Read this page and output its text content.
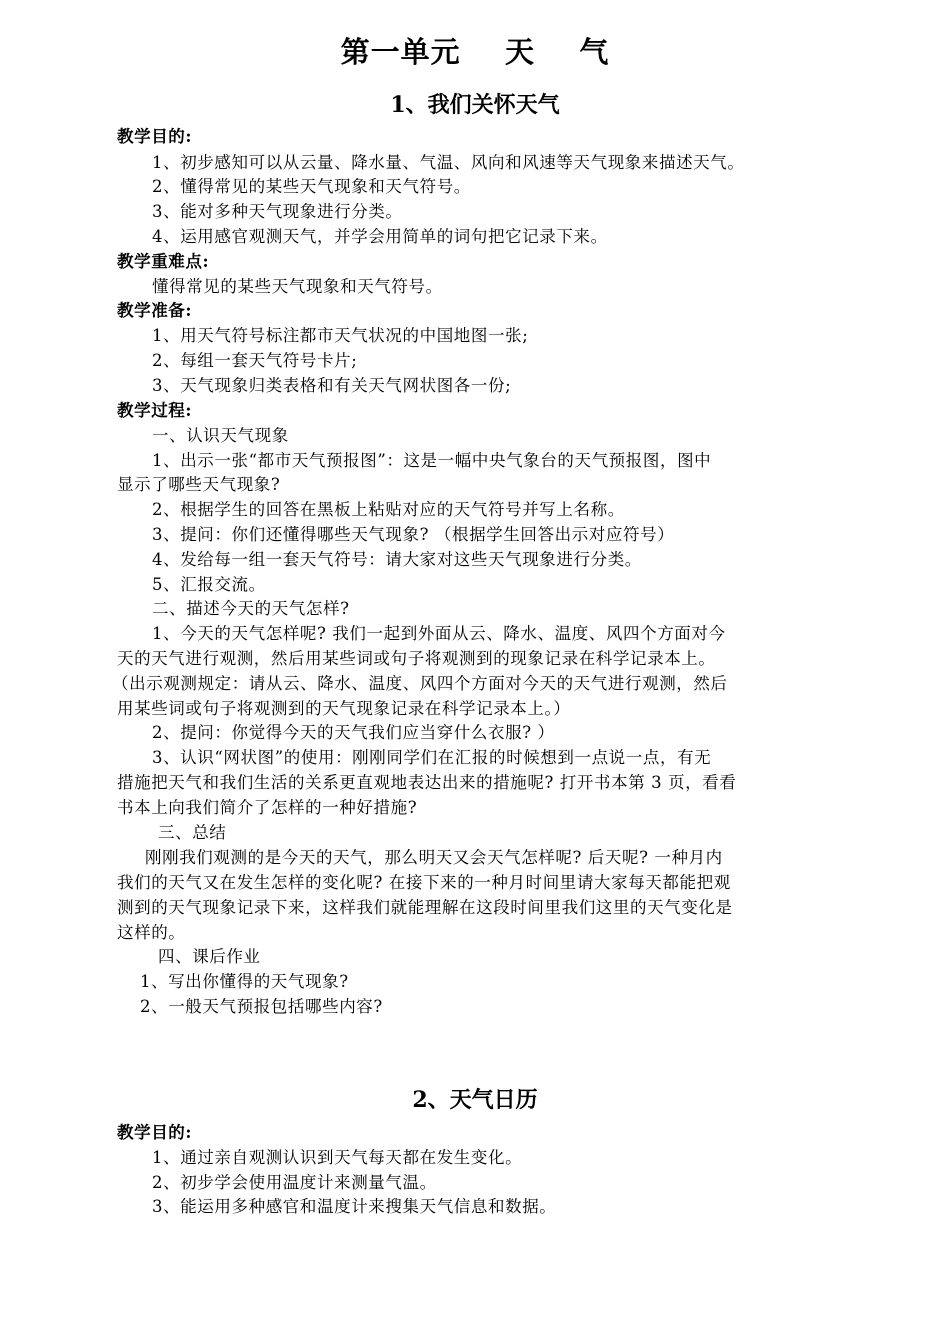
第一单元    天    气
1、我们关怀天气
教学目的:
1、初步感知可以从云量、降水量、气温、风向和风速等天气现象来描述天气。
2、懂得常见的某些天气现象和天气符号。
3、能对多种天气现象进行分类。
4、运用感官观测天气，并学会用简单的词句把它记录下来。
教学重难点:
懂得常见的某些天气现象和天气符号。
教学准备:
1、用天气符号标注都市天气状况的中国地图一张;
2、每组一套天气符号卡片;
3、天气现象归类表格和有关天气网状图各一份;
教学过程:
一、认识天气现象
1、出示一张“都市天气预报图”：这是一幅中央气象台的天气预报图，图中
显示了哪些天气现象?
2、根据学生的回答在黑板上粘贴对应的天气符号并写上名称。
3、提问：你们还懂得哪些天气现象? （根据学生回答出示对应符号）
4、发给每一组一套天气符号：请大家对这些天气现象进行分类。
5、汇报交流。
二、描述今天的天气怎样?
1、今天的天气怎样呢? 我们一起到外面从云、降水、温度、风四个方面对今
天的天气进行观测，然后用某些词或句子将观测到的现象记录在科学记录本上。
（出示观测规定：请从云、降水、温度、风四个方面对今天的天气进行观测，然后
用某些词或句子将观测到的天气现象记录在科学记录本上。）
2、提问：你觉得今天的天气我们应当穿什么衣服? ）
3、认识“网状图”的使用：刚刚同学们在汇报的时候想到一点说一点，有无
措施把天气和我们生活的关系更直观地表达出来的措施呢? 打开书本第 3 页，看看
书本上向我们简介了怎样的一种好措施?
三、总结
刚刚我们观测的是今天的天气，那么明天又会天气怎样呢? 后天呢? 一种月内
我们的天气又在发生怎样的变化呢? 在接下来的一种月时间里请大家每天都能把观
测到的天气现象记录下来，这样我们就能理解在这段时间里我们这里的天气变化是
这样的。
四、课后作业
1、写出你懂得的天气现象?
2、一般天气预报包括哪些内容?
2、天气日历
教学目的:
1、通过亲自观测认识到天气每天都在发生变化。
2、初步学会使用温度计来测量气温。
3、能运用多种感官和温度计来搜集天气信息和数据。
